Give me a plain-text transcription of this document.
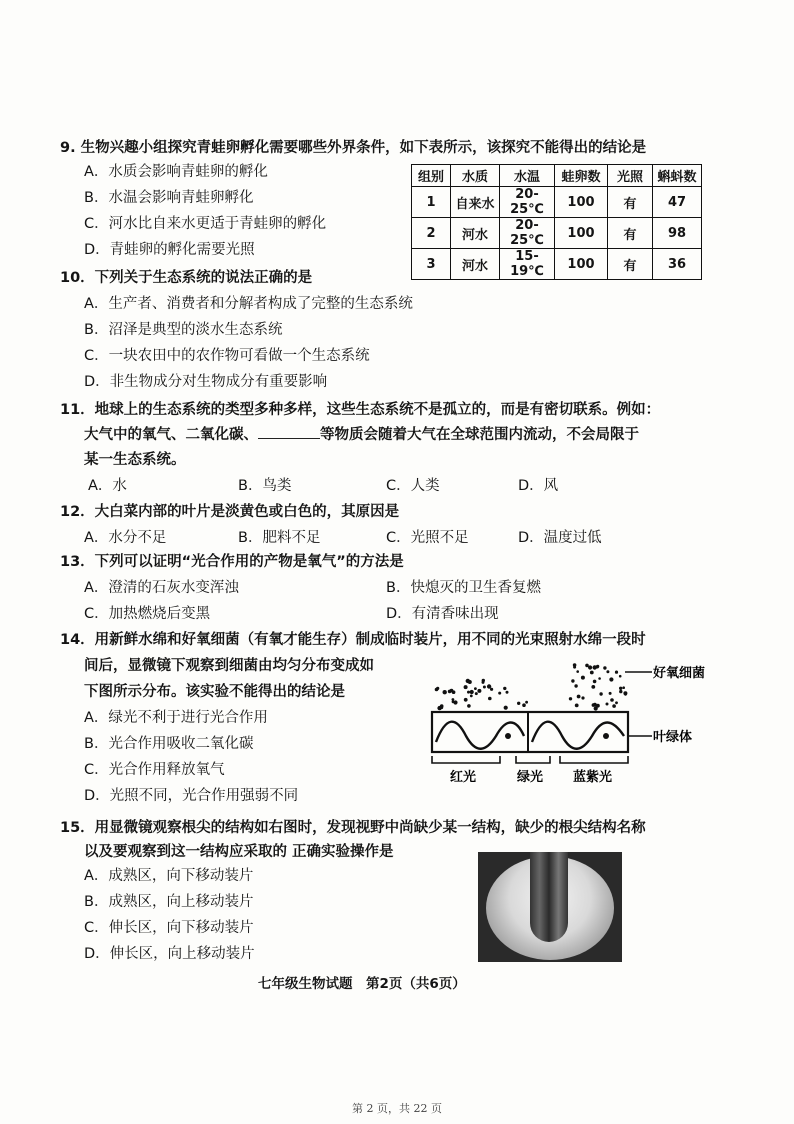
9. 生物兴趣小组探究青蛙卵孵化需要哪些外界条件，如下表所示，该探究不能得出的结论是
A．水质会影响青蛙卵的孵化
B．水温会影响青蛙卵孵化
C．河水比自来水更适于青蛙卵的孵化
D．青蛙卵的孵化需要光照
组别	水质	水温	蛙卵数	光照	蝌蚪数
1	自来水	20-25℃	100	有	47
2	河水	20-25℃	100	有	98
3	河水	15-19℃	100	有	36
10．下列关于生态系统的说法正确的是
A．生产者、消费者和分解者构成了完整的生态系统
B．沼泽是典型的淡水生态系统
C．一块农田中的农作物可看做一个生态系统
D．非生物成分对生物成分有重要影响
11．地球上的生态系统的类型多种多样，这些生态系统不是孤立的，而是有密切联系。例如：
大气中的氧气、二氧化碳、	等物质会随着大气在全球范围内流动，不会局限于
某一生态系统。
A．水	B．鸟类	C．人类	D．风
12．大白菜内部的叶片是淡黄色或白色的，其原因是
A．水分不足	B．肥料不足	C．光照不足	D．温度过低
13．下列可以证明“光合作用的产物是氧气”的方法是
A．澄清的石灰水变浑浊	B．快熄灭的卫生香复燃
C．加热燃烧后变黑	D．有清香味出现
14．用新鲜水绵和好氧细菌（有氧才能生存）制成临时装片，用不同的光束照射水绵一段时
间后，显微镜下观察到细菌由均匀分布变成如
下图所示分布。该实验不能得出的结论是
A．绿光不利于进行光合作用
B．光合作用吸收二氧化碳
C．光合作用释放氧气
D．光照不同，光合作用强弱不同
好氧细菌
叶绿体
红光	绿光 蓝紫光
15．用显微镜观察根尖的结构如右图时，发现视野中尚缺少某一结构，缺少的根尖结构名称
以及要观察到这一结构应采取的 正确实验操作是
A．成熟区，向下移动装片
B．成熟区，向上移动装片
C．伸长区，向下移动装片
D．伸长区，向上移动装片
七年级生物试题　第2页（共6页）
第 2 页，共 22 页
